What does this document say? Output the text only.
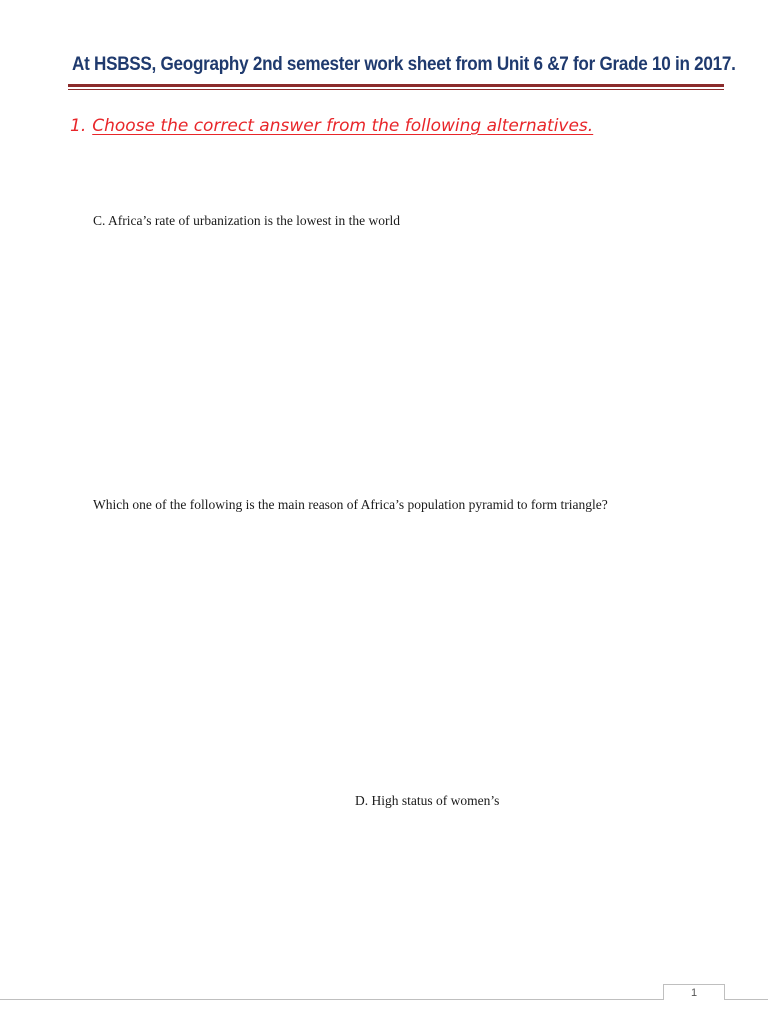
At HSBSS, Geography 2nd semester work sheet from Unit 6 &7 for Grade 10 in 2017.
1. Choose the correct answer from the following alternatives.
C. Africa’s rate of urbanization is the lowest in the world
Which one of the following is the main reason of Africa’s population pyramid to form triangle?
D. High status of women’s
1
